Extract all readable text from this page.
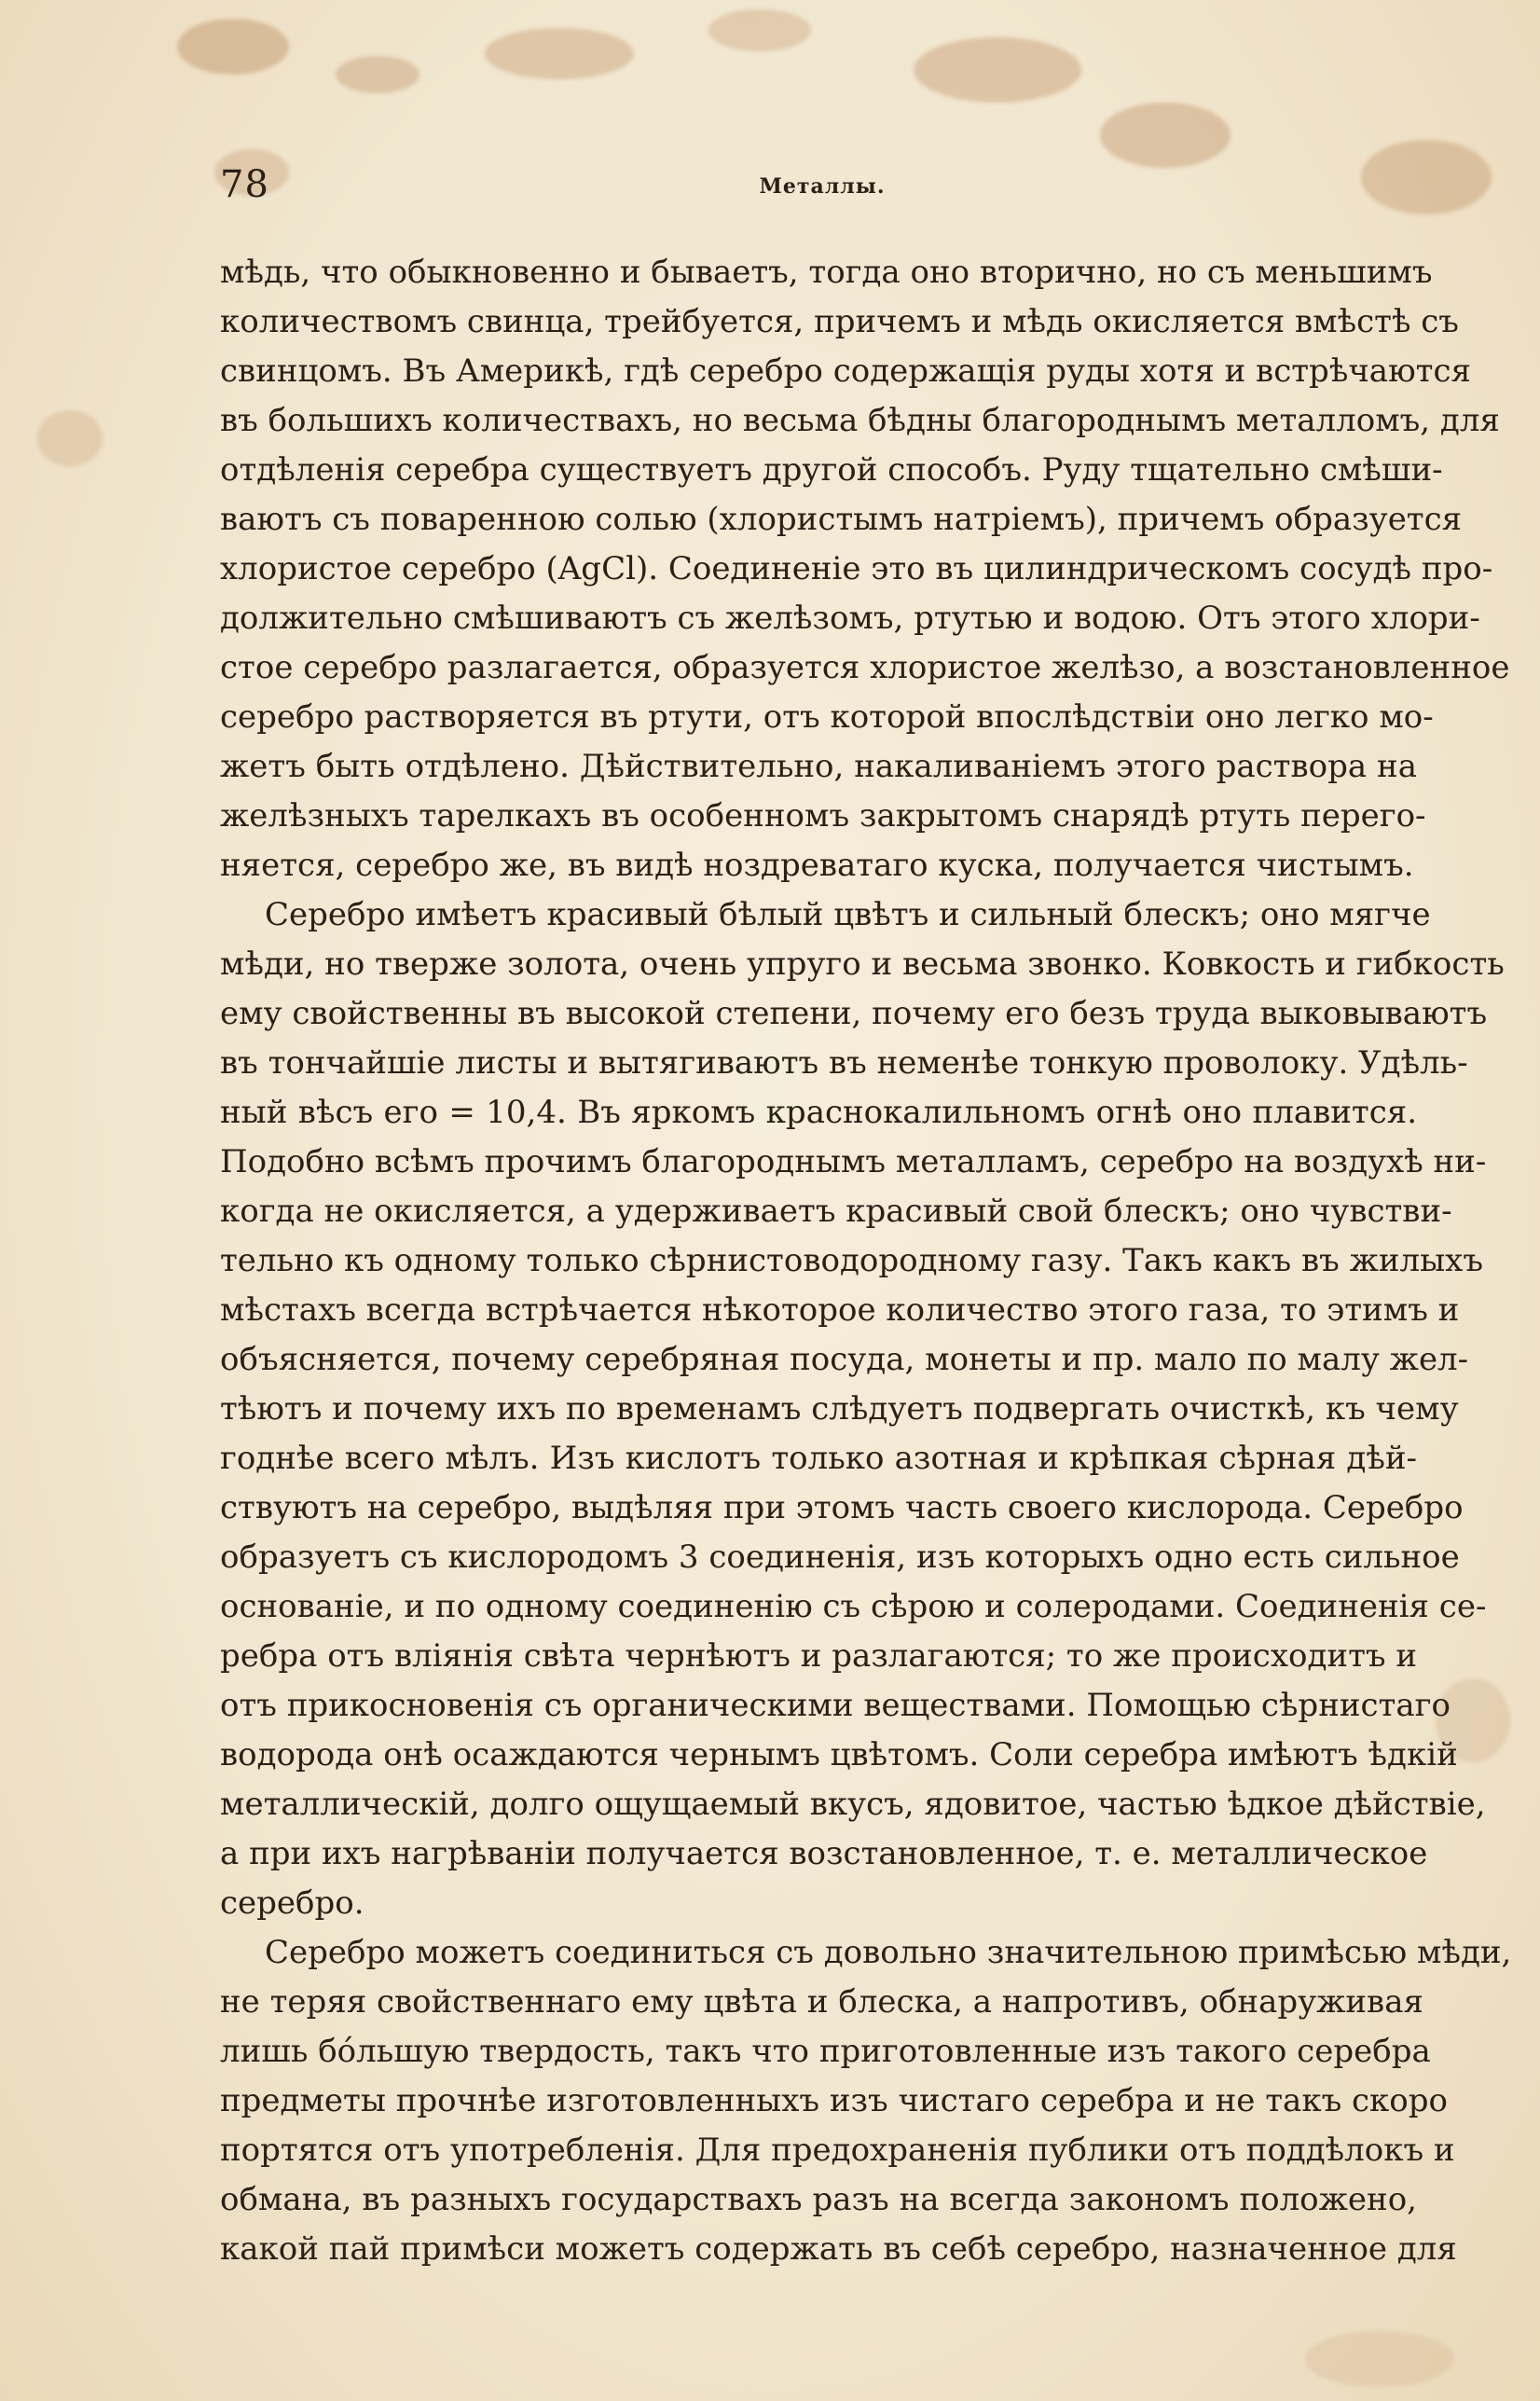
78	Металлы.
мѣдь, что обыкновенно и бываетъ, тогда оно вторично, но съ меньшимъ
количествомъ свинца, трейбуется, причемъ и мѣдь окисляется вмѣстѣ съ
свинцомъ. Въ Америкѣ, гдѣ серебро содержащія руды хотя и встрѣчаются
въ большихъ количествахъ, но весьма бѣдны благороднымъ металломъ, для
отдѣленія серебра существуетъ другой способъ. Руду тщательно смѣши-
ваютъ съ поваренною солью (хлористымъ натріемъ), причемъ образуется
хлористое серебро (AgCl). Соединеніе это въ цилиндрическомъ сосудѣ про-
должительно смѣшиваютъ съ желѣзомъ, ртутью и водою. Отъ этого хлори-
стое серебро разлагается, образуется хлористое желѣзо, а возстановленное
серебро растворяется въ ртути, отъ которой впослѣдствіи оно легко мо-
жетъ быть отдѣлено. Дѣйствительно, накаливаніемъ этого раствора на
желѣзныхъ тарелкахъ въ особенномъ закрытомъ снарядѣ ртуть перего-
няется, серебро же, въ видѣ ноздреватаго куска, получается чистымъ.
Серебро имѣетъ красивый бѣлый цвѣтъ и сильный блескъ; оно мягче
мѣди, но тверже золота, очень упруго и весьма звонко. Ковкость и гибкость
ему свойственны въ высокой степени, почему его безъ труда выковываютъ
въ тончайшіе листы и вытягиваютъ въ неменѣе тонкую проволоку. Удѣль-
ный вѣсъ его = 10,4. Въ яркомъ краснокалильномъ огнѣ оно плавится.
Подобно всѣмъ прочимъ благороднымъ металламъ, серебро на воздухѣ ни-
когда не окисляется, а удерживаетъ красивый свой блескъ; оно чувстви-
тельно къ одному только сѣрнистоводородному газу. Такъ какъ въ жилыхъ
мѣстахъ всегда встрѣчается нѣкоторое количество этого газа, то этимъ и
объясняется, почему серебряная посуда, монеты и пр. мало по малу жел-
тѣютъ и почему ихъ по временамъ слѣдуетъ подвергать очисткѣ, къ чему
годнѣе всего мѣлъ. Изъ кислотъ только азотная и крѣпкая сѣрная дѣй-
ствуютъ на серебро, выдѣляя при этомъ часть своего кислорода. Серебро
образуетъ съ кислородомъ 3 соединенія, изъ которыхъ одно есть сильное
основаніе, и по одному соединенію съ сѣрою и солеродами. Соединенія се-
ребра отъ вліянія свѣта чернѣютъ и разлагаются; то же происходитъ и
отъ прикосновенія съ органическими веществами. Помощью сѣрнистаго
водорода онѣ осаждаются чернымъ цвѣтомъ. Соли серебра имѣютъ ѣдкій
металлическій, долго ощущаемый вкусъ, ядовитое, частью ѣдкое дѣйствіе,
а при ихъ нагрѣваніи получается возстановленное, т. е. металлическое
серебро.
Серебро можетъ соединиться съ довольно значительною примѣсью мѣди,
не теряя свойственнаго ему цвѣта и блеска, а напротивъ, обнаруживая
лишь бо́льшую твердость, такъ что приготовленные изъ такого серебра
предметы прочнѣе изготовленныхъ изъ чистаго серебра и не такъ скоро
портятся отъ употребленія. Для предохраненія публики отъ поддѣлокъ и
обмана, въ разныхъ государствахъ разъ на всегда закономъ положено,
какой пай примѣси можетъ содержать въ себѣ серебро, назначенное для
